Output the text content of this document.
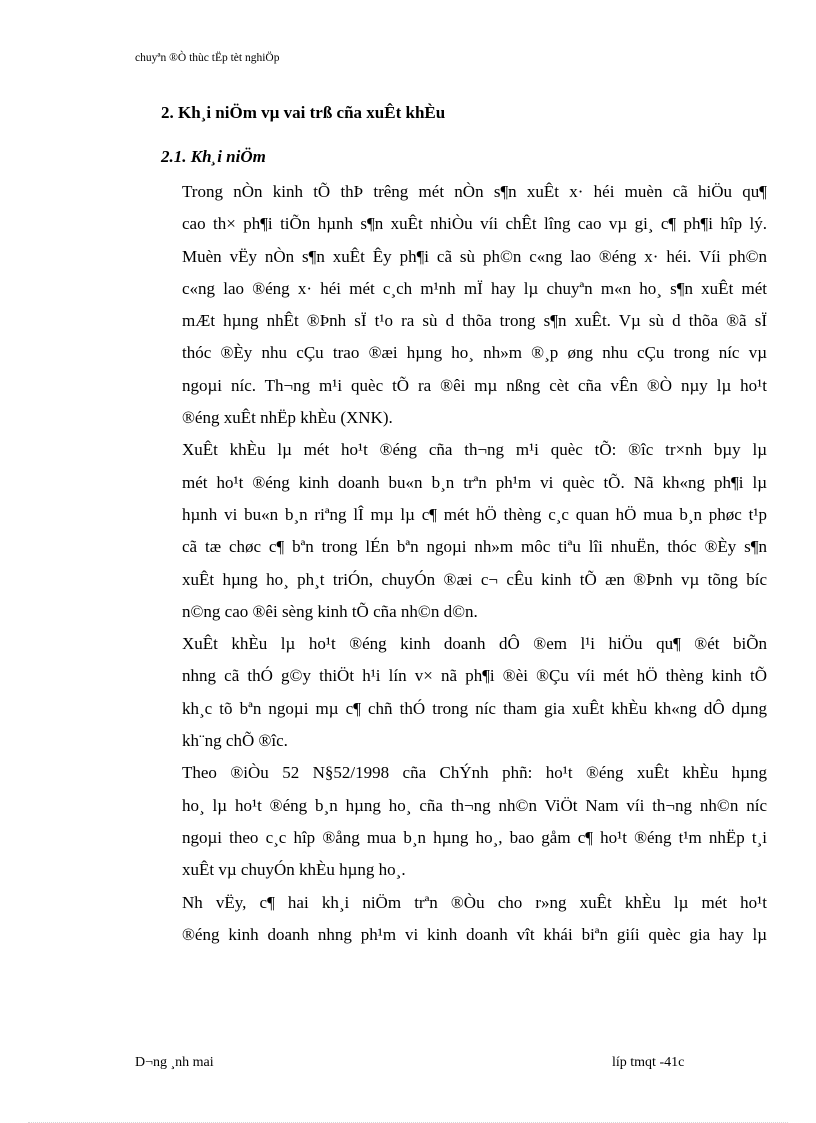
chuyªn ®Ò thùc tËp tèt nghiÖp
2. Kh¸i niÖm vµ vai trß cña xuÊt khÈu
2.1. Kh¸i niÖm

Trong nÒn kinh tÕ thÞ trêng mét nÒn s¶n xuÊt x· héi muèn cã hiÖu qu¶
cao th× ph¶i tiÕn hµnh s¶n xuÊt nhiÒu víi chÊt lîng cao vµ gi¸ c¶ ph¶i hîp lý.
Muèn vËy nÒn s¶n xuÊt Êy ph¶i cã sù ph©n c«ng lao ®éng x· héi. Víi ph©n
c«ng lao ®éng x· héi mét c¸ch m¹nh mÏ hay lµ chuyªn m«n ho¸ s¶n xuÊt mét
mÆt hµng nhÊt ®Þnh sÏ t¹o ra sù d thõa trong s¶n xuÊt. Vµ sù d thõa ®ã sÏ
thóc ®Èy nhu cÇu trao ®æi hµng ho¸ nh»m ®¸p øng nhu cÇu trong níc vµ
ngoµi níc. Th¬ng m¹i quèc tÕ ra ®êi mµ nßng cèt cña vÊn ®Ò nµy lµ ho¹t
®éng xuÊt nhËp khÈu (XNK).

XuÊt khÈu lµ mét ho¹t ®éng cña th¬ng m¹i quèc tÕ: ®îc tr×nh bµy lµ
mét ho¹t ®éng kinh doanh bu«n b¸n trªn ph¹m vi quèc tÕ. Nã kh«ng ph¶i lµ
hµnh vi bu«n b¸n riªng lÎ mµ lµ c¶ mét hÖ thèng c¸c quan hÖ mua b¸n phøc t¹p
cã tæ chøc c¶ bªn trong lÉn bªn ngoµi nh»m môc tiªu lîi nhuËn, thóc ®Èy s¶n
xuÊt hµng ho¸ ph¸t triÓn, chuyÓn ®æi c¬ cÊu kinh tÕ æn ®Þnh vµ tõng bíc
n©ng cao ®êi sèng kinh tÕ cña nh©n d©n.

XuÊt khÈu lµ ho¹t ®éng kinh doanh dÔ ®em l¹i hiÖu qu¶ ®ét biÕn
nhng cã thÓ g©y thiÖt h¹i lín v× nã ph¶i ®èi ®Çu víi mét hÖ thèng kinh tÕ
kh¸c tõ bªn ngoµi mµ c¶ chñ thÓ trong níc tham gia xuÊt khÈu kh«ng dÔ dµng
kh¨ng chÕ ®îc.

Theo ®iÒu 52 N§52/1998 cña ChÝnh phñ: ho¹t ®éng xuÊt khÈu hµng
ho¸ lµ ho¹t ®éng b¸n hµng ho¸ cña th¬ng nh©n ViÖt Nam víi th¬ng nh©n níc
ngoµi theo c¸c hîp ®ång mua b¸n hµng ho¸, bao gåm c¶ ho¹t ®éng t¹m nhËp t¸i
xuÊt vµ chuyÓn khÈu hµng ho¸.

Nh vËy, c¶ hai kh¸i niÖm trªn ®Òu cho r»ng xuÊt khÈu lµ mét ho¹t
®éng kinh doanh nhng ph¹m vi kinh doanh vît khái biªn giíi quèc gia hay lµ

D¬ng ¸nh mai	líp tmqt -41c
